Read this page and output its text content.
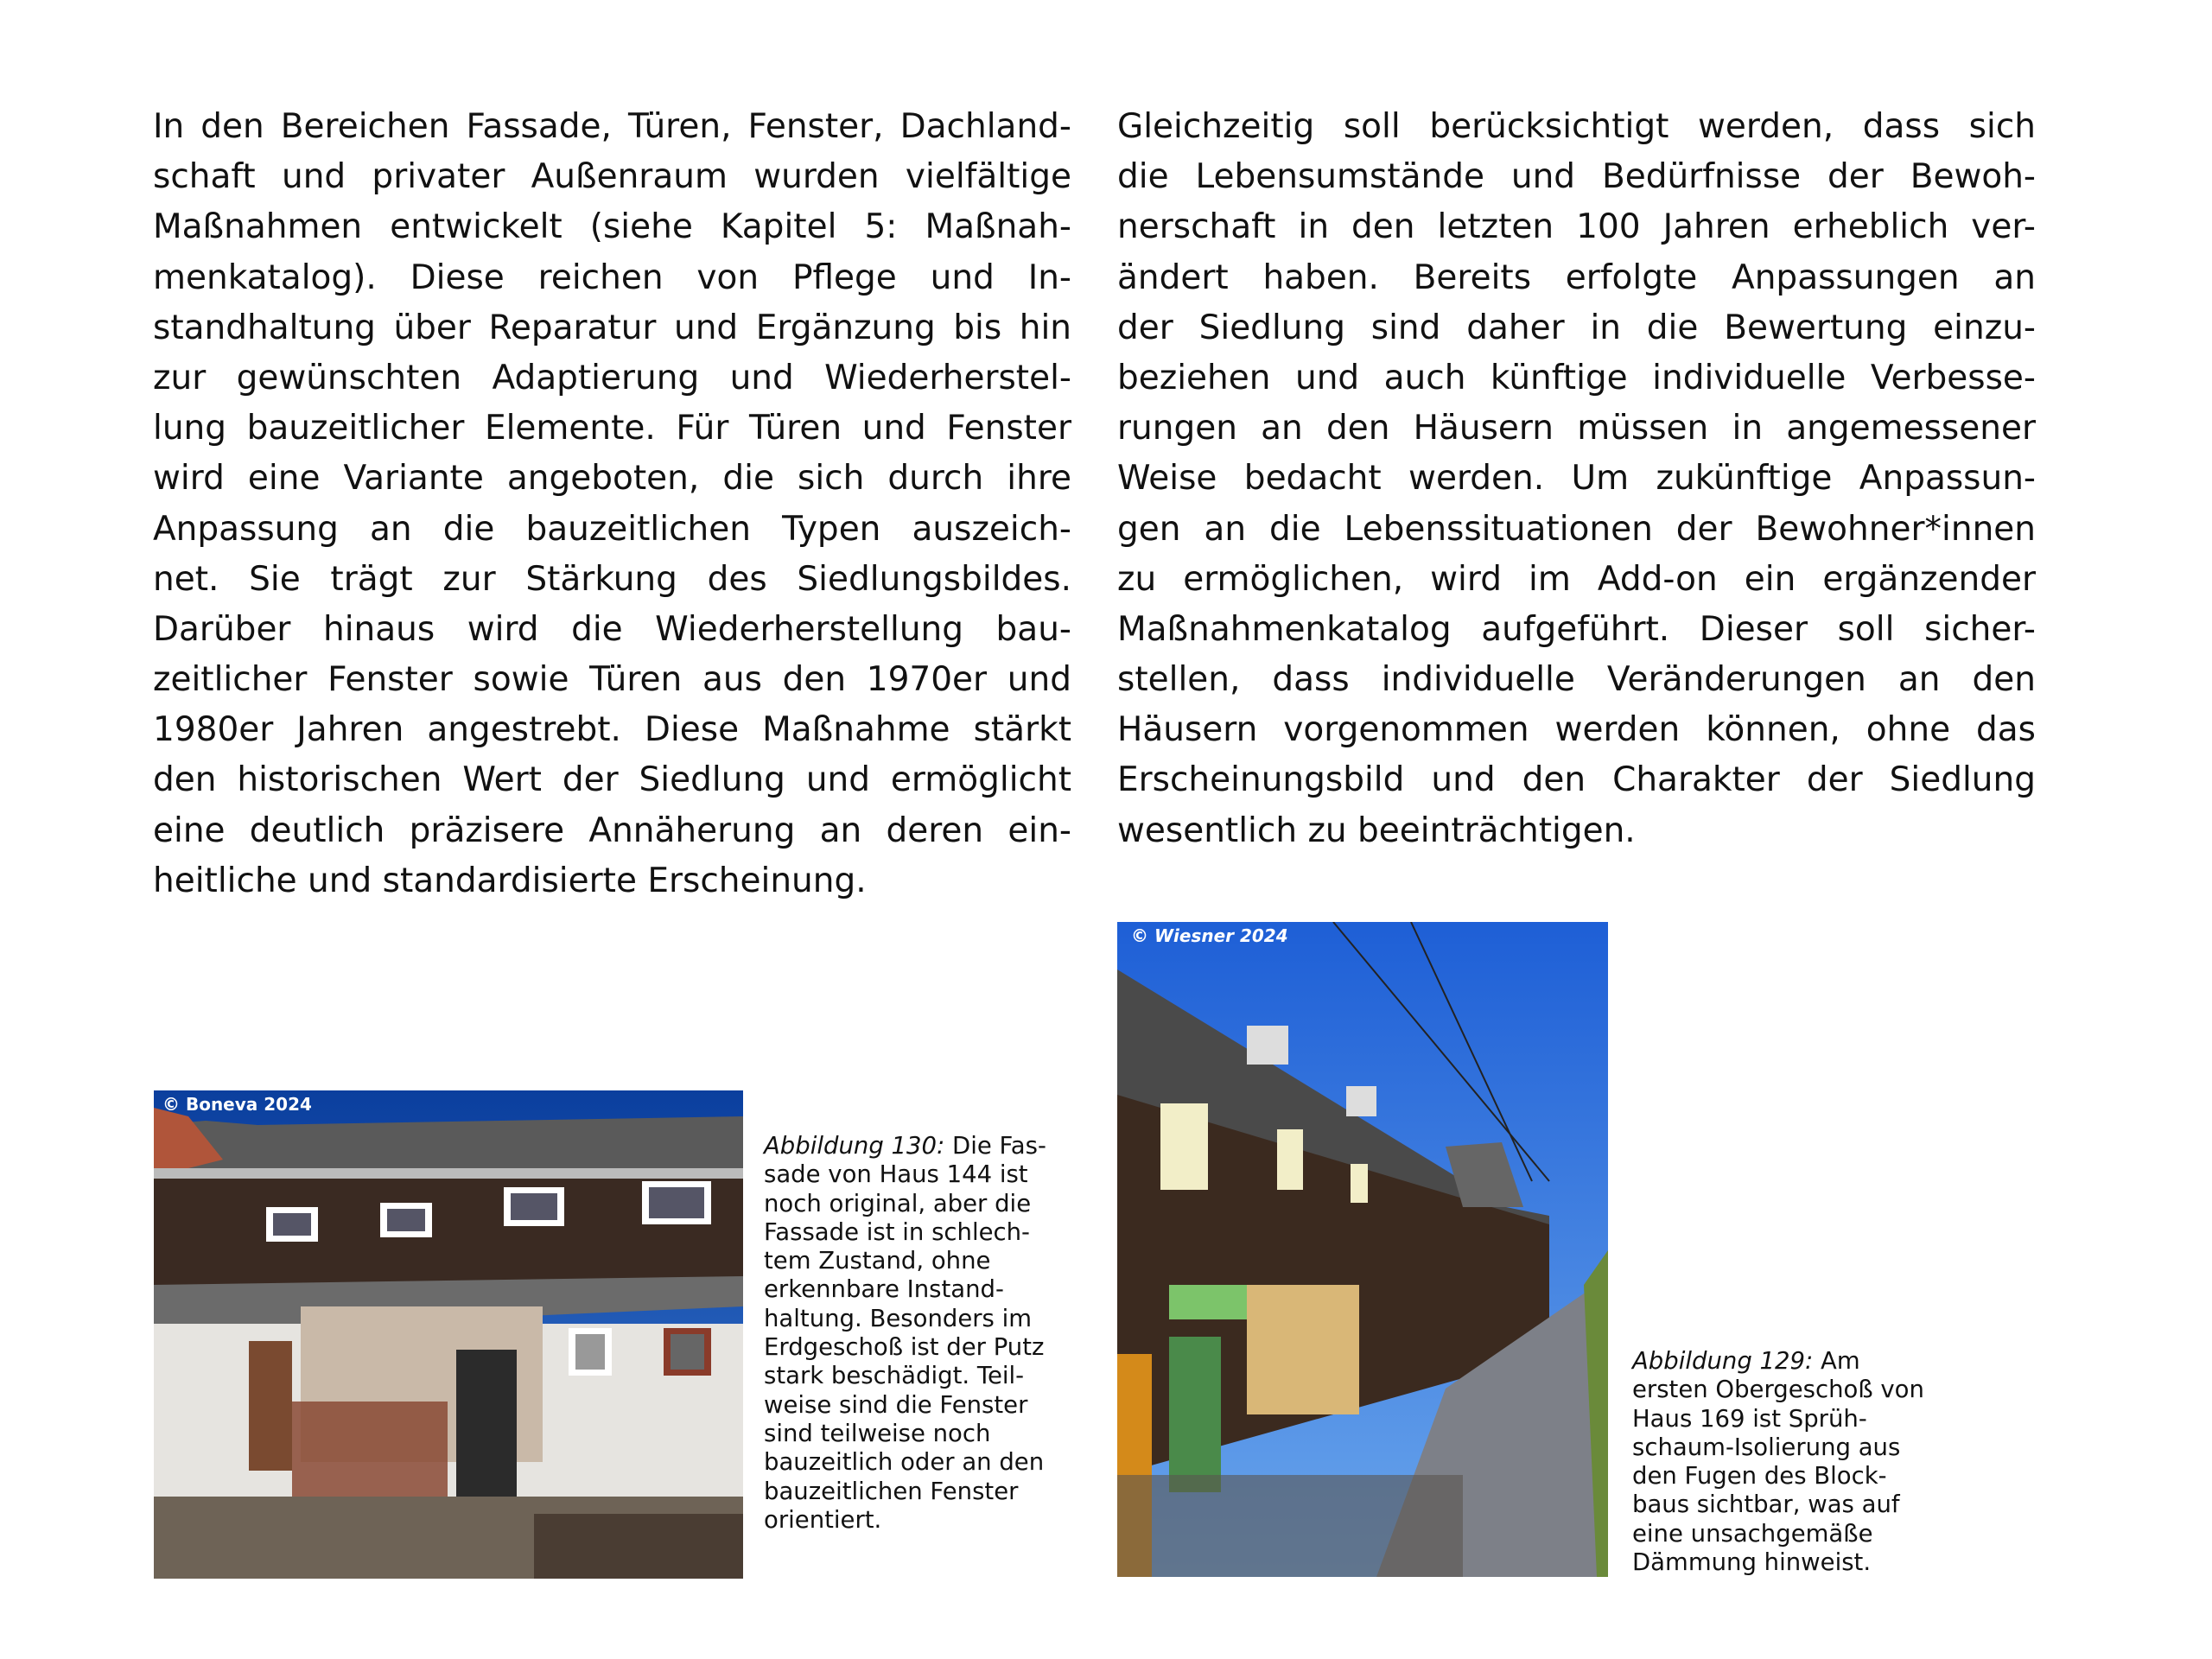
In den Bereichen Fassade, Türen, Fenster, Dachland-
schaft und privater Außenraum wurden vielfältige
Maßnahmen entwickelt (siehe Kapitel 5: Maßnah-
menkatalog). Diese reichen von Pflege und In-
standhaltung über Reparatur und Ergänzung bis hin
zur gewünschten Adaptierung und Wiederherstel-
lung bauzeitlicher Elemente. Für Türen und Fenster
wird eine Variante angeboten, die sich durch ihre
Anpassung an die bauzeitlichen Typen auszeich-
net. Sie trägt zur Stärkung des Siedlungsbildes.
Darüber hinaus wird die Wiederherstellung bau-
zeitlicher Fenster sowie Türen aus den 1970er und
1980er Jahren angestrebt. Diese Maßnahme stärkt
den historischen Wert der Siedlung und ermöglicht
eine deutlich präzisere Annäherung an deren ein-
heitliche und standardisierte Erscheinung.
Gleichzeitig soll berücksichtigt werden, dass sich
die Lebensumstände und Bedürfnisse der Bewoh-
nerschaft in den letzten 100 Jahren erheblich ver-
ändert haben. Bereits erfolgte Anpassungen an
der Siedlung sind daher in die Bewertung einzu-
beziehen und auch künftige individuelle Verbesse-
rungen an den Häusern müssen in angemessener
Weise bedacht werden. Um zukünftige Anpassun-
gen an die Lebenssituationen der Bewohner*innen
zu ermöglichen, wird im Add-on ein ergänzender
Maßnahmenkatalog aufgeführt. Dieser soll sicher-
stellen, dass individuelle Veränderungen an den
Häusern vorgenommen werden können, ohne das
Erscheinungsbild und den Charakter der Siedlung
wesentlich zu beeinträchtigen.
© Boneva 2024
© Wiesner 2024
Abbildung 130: Die Fas-
sade von Haus 144 ist
noch original, aber die
Fassade ist in schlech-
tem Zustand, ohne
erkennbare Instand-
haltung. Besonders im
Erdgeschoß ist der Putz
stark beschädigt. Teil-
weise sind die Fenster
sind teilweise noch
bauzeitlich oder an den
bauzeitlichen Fenster
orientiert.
Abbildung 129: Am
ersten Obergeschoß von
Haus 169 ist Sprüh-
schaum-Isolierung aus
den Fugen des Block-
baus sichtbar, was auf
eine unsachgemäße
Dämmung hinweist.
